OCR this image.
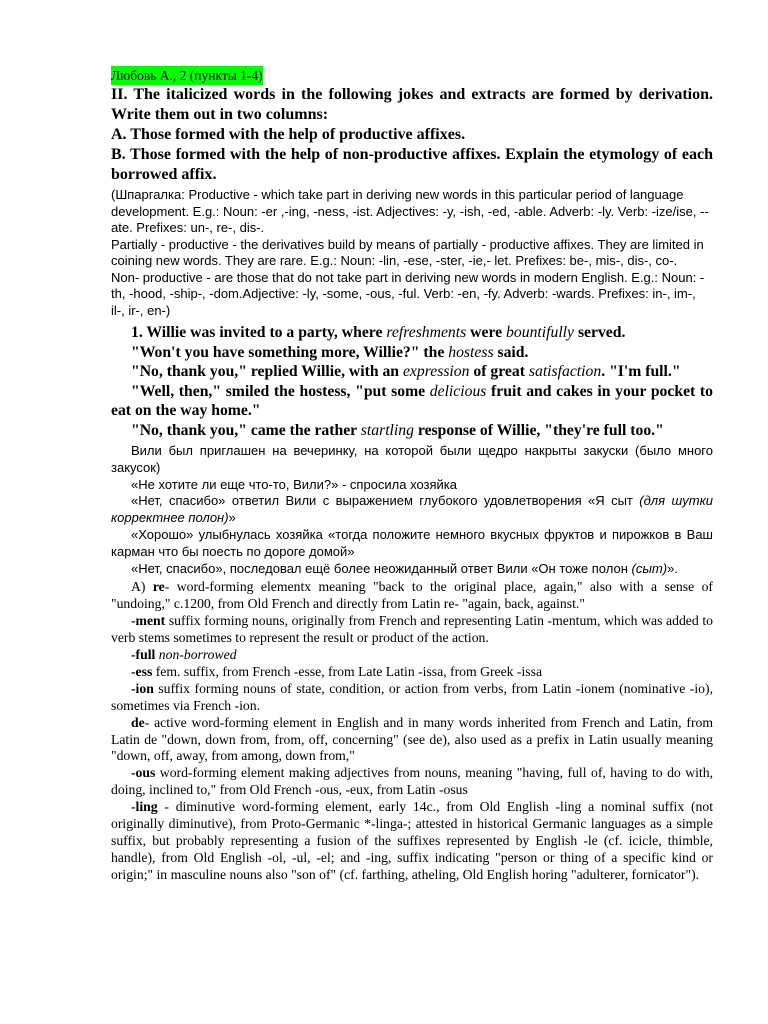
Любовь А., 2 (пункты 1-4)

II. The italicized words in the following jokes and extracts are formed by derivation. Write them out in two columns:

A. Those formed with the help of productive affixes.

B. Those formed with the help of non-productive affixes. Explain the etymology of each borrowed affix.

(Шпаргалка: Productive - which take part in deriving new words in this particular period of language development. E.g.: Noun: -er ,-ing, -ness, -ist. Adjectives: -y, -ish, -ed, -able. Adverb: -ly. Verb: -ize/ise, --ate. Prefixes: un-, re-, dis-.

Partially - productive - the derivatives build by means of partially - productive affixes. They are limited in coining new words. They are rare. E.g.: Noun: -lin, -ese, -ster, -ie,- let. Prefixes: be-, mis-, dis-, co-.

Non- productive - are those that do not take part in deriving new words in modern English. E.g.: Noun: -th, -hood, -ship-, -dom.Adjective: -ly, -some, -ous, -ful. Verb: -en, -fy. Adverb: -wards. Prefixes: in-, im-, il-, ir-, en-)

1. Willie was invited to a party, where refreshments were bountifully served.

"Won't you have something more, Willie?" the hostess said.

"No, thank you," replied Willie, with an expression of great satisfaction. "I'm full."

"Well, then," smiled the hostess, "put some delicious fruit and cakes in your pocket to eat on the way home."

"No, thank you," came the rather startling response of Willie, "they're full too."

Вили был приглашен на вечеринку, на которой были щедро накрыты закуски (было много закусок)

«Не хотите ли еще что-то, Вили?» - спросила хозяйка

«Нет, спасибо» ответил Вили с выражением глубокого удовлетворения «Я сыт (для шутки корректнее полон)»

«Хорошо» улыбнулась хозяйка «тогда положите немного вкусных фруктов и пирожков в Ваш карман что бы поесть по дороге домой»

«Нет, спасибо», последовал ещё более неожиданный ответ Вили «Он тоже полон (сыт)».

A) re- word-forming elementx meaning "back to the original place, again," also with a sense of "undoing," c.1200, from Old French and directly from Latin re- "again, back, against."

-ment suffix forming nouns, originally from French and representing Latin -mentum, which was added to verb stems sometimes to represent the result or product of the action.

-full non-borrowed

-ess fem. suffix, from French -esse, from Late Latin -issa, from Greek -issa

-ion suffix forming nouns of state, condition, or action from verbs, from Latin -ionem (nominative -io), sometimes via French -ion.

de- active word-forming element in English and in many words inherited from French and Latin, from Latin de "down, down from, from, off, concerning" (see de), also used as a prefix in Latin usually meaning "down, off, away, from among, down from,"

-ous word-forming element making adjectives from nouns, meaning "having, full of, having to do with, doing, inclined to," from Old French -ous, -eux, from Latin -osus

-ling - diminutive word-forming element, early 14c., from Old English -ling a nominal suffix (not originally diminutive), from Proto-Germanic *-linga-; attested in historical Germanic languages as a simple suffix, but probably representing a fusion of the suffixes represented by English -le (cf. icicle, thimble, handle), from Old English -ol, -ul, -el; and -ing, suffix indicating "person or thing of a specific kind or origin;" in masculine nouns also "son of" (cf. farthing, atheling, Old English horing "adulterer, fornicator").
